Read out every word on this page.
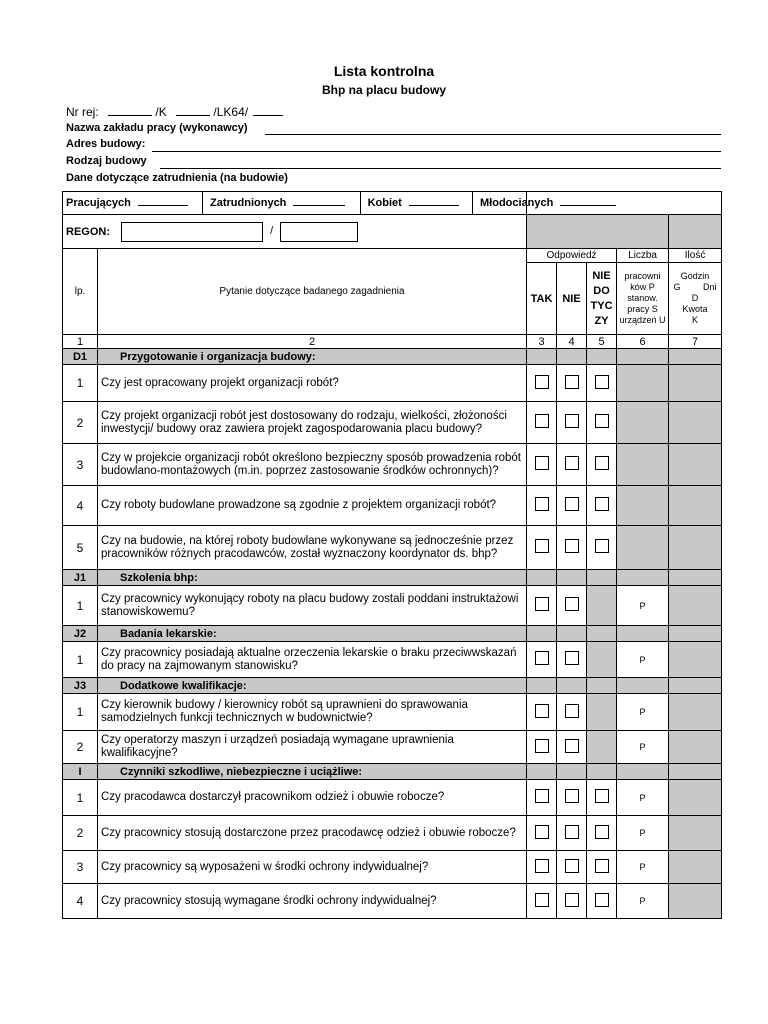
Lista kontrolna
Bhp na placu budowy
Nr rej:	/K	/LK64/
Nazwa zakładu pracy (wykonawcy)
Adres budowy:
Rodzaj budowy
Dane dotyczące zatrudnienia (na budowie)
Pracujących Zatrudnionych Kobiet Młodocianych						
REGON: /						
lp.	Pytanie dotyczące badanego zagadnienia	Odpowiedź			Liczba	Ilość
		TAK	NIE	NIE DO TYC ZY	pracowni ków P stanow. pracy S urządzeń U	Godzin G Dni D Kwota K
1	2	3	4	5	6	7
D1	Przygotowanie i organizacja budowy:					
1	Czy jest opracowany projekt organizacji robót?					
2	Czy projekt organizacji robót jest dostosowany do rodzaju, wielkości, złożoności inwestycji/ budowy oraz zawiera projekt zagospodarowania placu budowy?					
3	Czy w projekcie organizacji robót określono bezpieczny sposób prowadzenia robót budowlano-montażowych (m.in. poprzez zastosowanie środków ochronnych)?					
4	Czy roboty budowlane prowadzone są zgodnie z projektem organizacji robót?					
5	Czy na budowie, na której roboty budowlane wykonywane są jednocześnie przez pracowników różnych pracodawców, został wyznaczony koordynator ds. bhp?					
J1	Szkolenia bhp:					
1	Czy pracownicy wykonujący roboty na placu budowy zostali poddani instruktażowi stanowiskowemu?				P	
J2	Badania lekarskie:					
1	Czy pracownicy posiadają aktualne orzeczenia lekarskie o braku przeciwwskazań do pracy na zajmowanym stanowisku?				P	
J3	Dodatkowe kwalifikacje:					
1	Czy kierownik budowy / kierownicy robót są uprawnieni do sprawowania samodzielnych funkcji technicznych w budownictwie?				P	
2	Czy operatorzy maszyn i urządzeń posiadają wymagane uprawnienia kwalifikacyjne?				P	
I	Czynniki szkodliwe, niebezpieczne i uciążliwe:					
1	Czy pracodawca dostarczył pracownikom odzież i obuwie robocze?				P	
2	Czy pracownicy stosują dostarczone przez pracodawcę odzież i obuwie robocze?				P	
3	Czy pracownicy są wyposażeni w środki ochrony indywidualnej?				P	
4	Czy pracownicy stosują wymagane środki ochrony indywidualnej?				P	
